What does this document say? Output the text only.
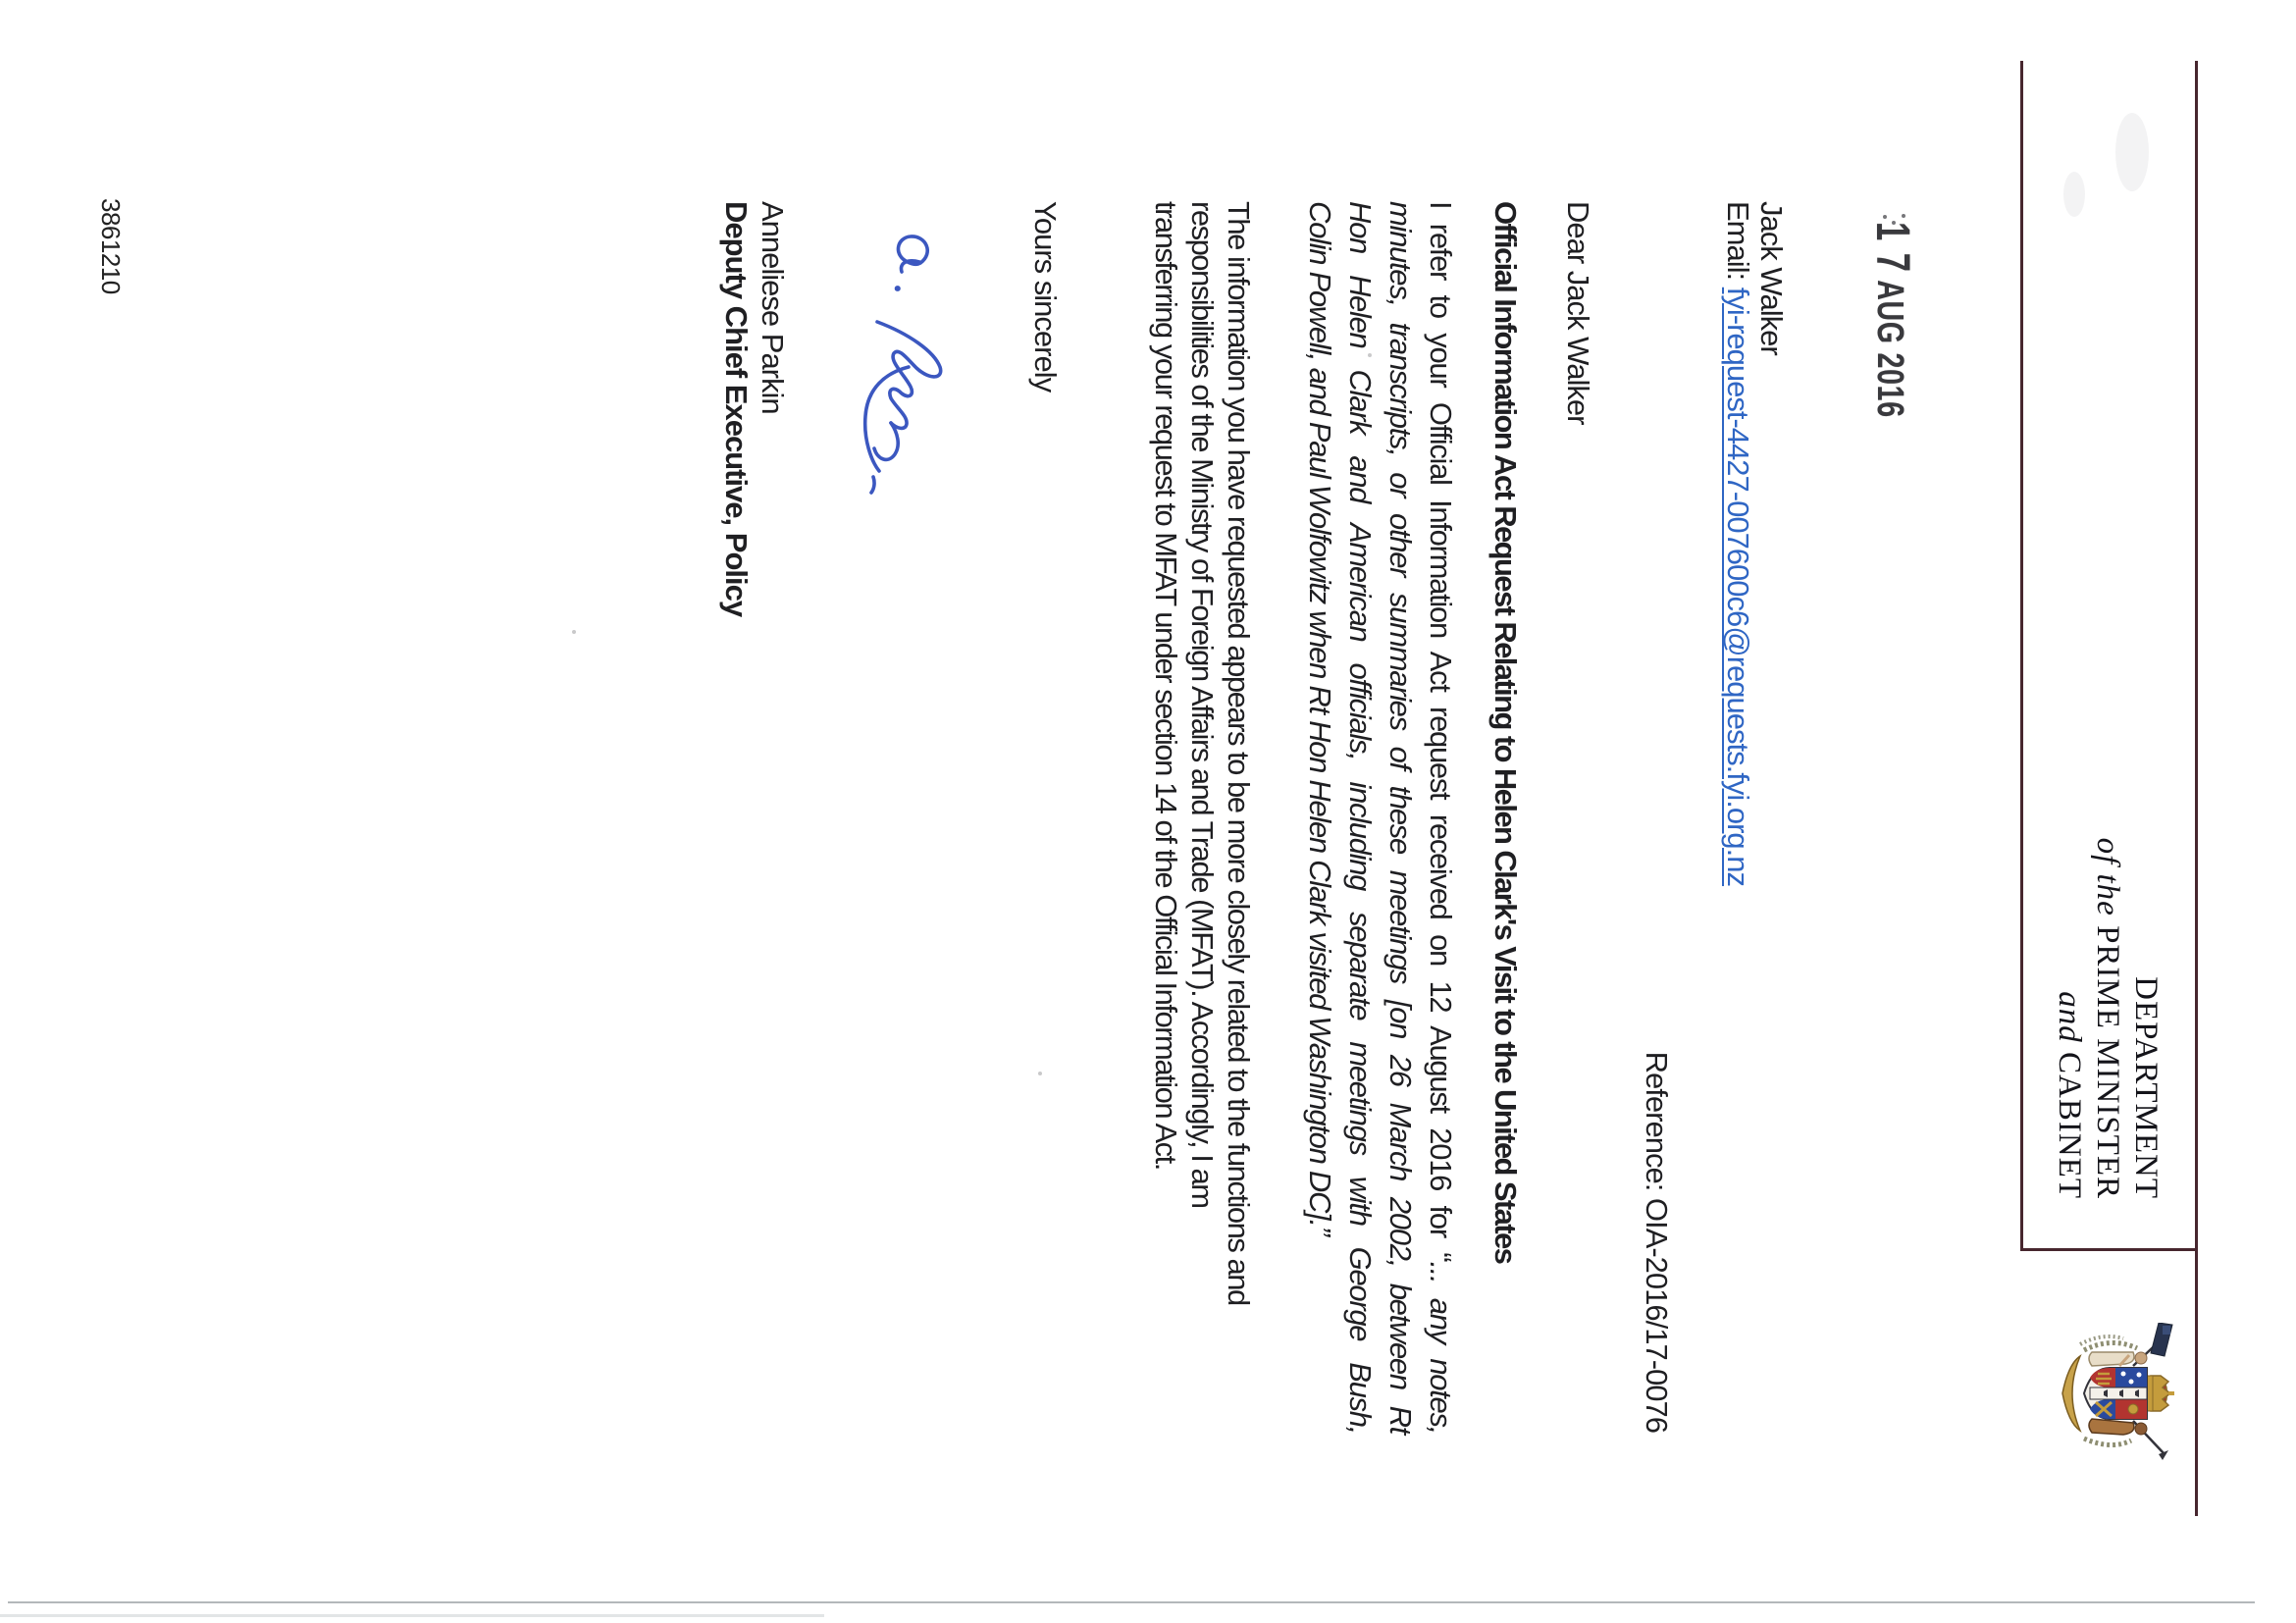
DEPARTMENT
of the PRIME MINISTER
and CABINET
1 7
AUG 2016
Jack Walker
Email: fyi-request-4427-007600c6@requests.fyi.org.nz
Reference: OIA-2016/17-0076
Dear Jack Walker
Official Information Act Request Relating to Helen Clark's Visit to the United States
I refer to your Official Information Act request received on 12 August 2016 for “... any notes,
minutes, transcripts, or other summaries of these meetings [on 26 March 2002, between Rt
Hon Helen Clark and American officials, including separate meetings with George Bush,
Colin Powell, and Paul Wolfowitz when Rt Hon Helen Clark visited Washington DC].”
The information you have requested appears to be more closely related to the functions and
responsibilities of the Ministry of Foreign Affairs and Trade (MFAT). Accordingly, I am
transferring your request to MFAT under section 14 of the Official Information Act.
Yours sincerely
Anneliese Parkin
Deputy Chief Executive, Policy
3861210
